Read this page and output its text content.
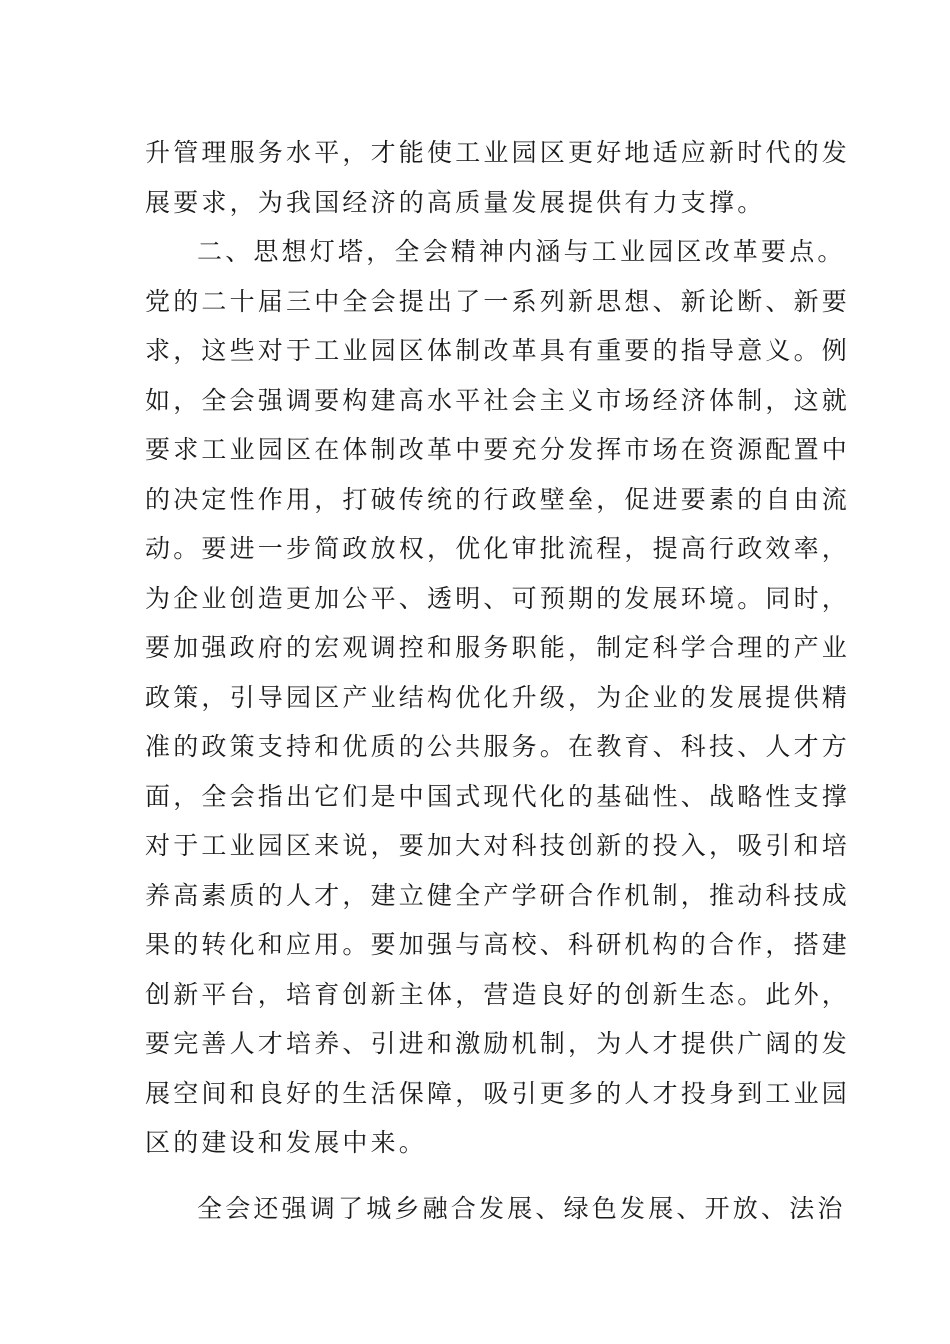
升管理服务水平，才能使工业园区更好地适应新时代的发
展要求，为我国经济的高质量发展提供有力支撑。
二、思想灯塔，全会精神内涵与工业园区改革要点。
党的二十届三中全会提出了一系列新思想、新论断、新要
求，这些对于工业园区体制改革具有重要的指导意义。例
如，全会强调要构建高水平社会主义市场经济体制，这就
要求工业园区在体制改革中要充分发挥市场在资源配置中
的决定性作用，打破传统的行政壁垒，促进要素的自由流
动。要进一步简政放权，优化审批流程，提高行政效率，
为企业创造更加公平、透明、可预期的发展环境。同时，
要加强政府的宏观调控和服务职能，制定科学合理的产业
政策，引导园区产业结构优化升级，为企业的发展提供精
准的政策支持和优质的公共服务。在教育、科技、人才方
面，全会指出它们是中国式现代化的基础性、战略性支撑
对于工业园区来说，要加大对科技创新的投入，吸引和培
养高素质的人才，建立健全产学研合作机制，推动科技成
果的转化和应用。要加强与高校、科研机构的合作，搭建
创新平台，培育创新主体，营造良好的创新生态。此外，
要完善人才培养、引进和激励机制，为人才提供广阔的发
展空间和良好的生活保障，吸引更多的人才投身到工业园
区的建设和发展中来。
全会还强调了城乡融合发展、绿色发展、开放、法治
